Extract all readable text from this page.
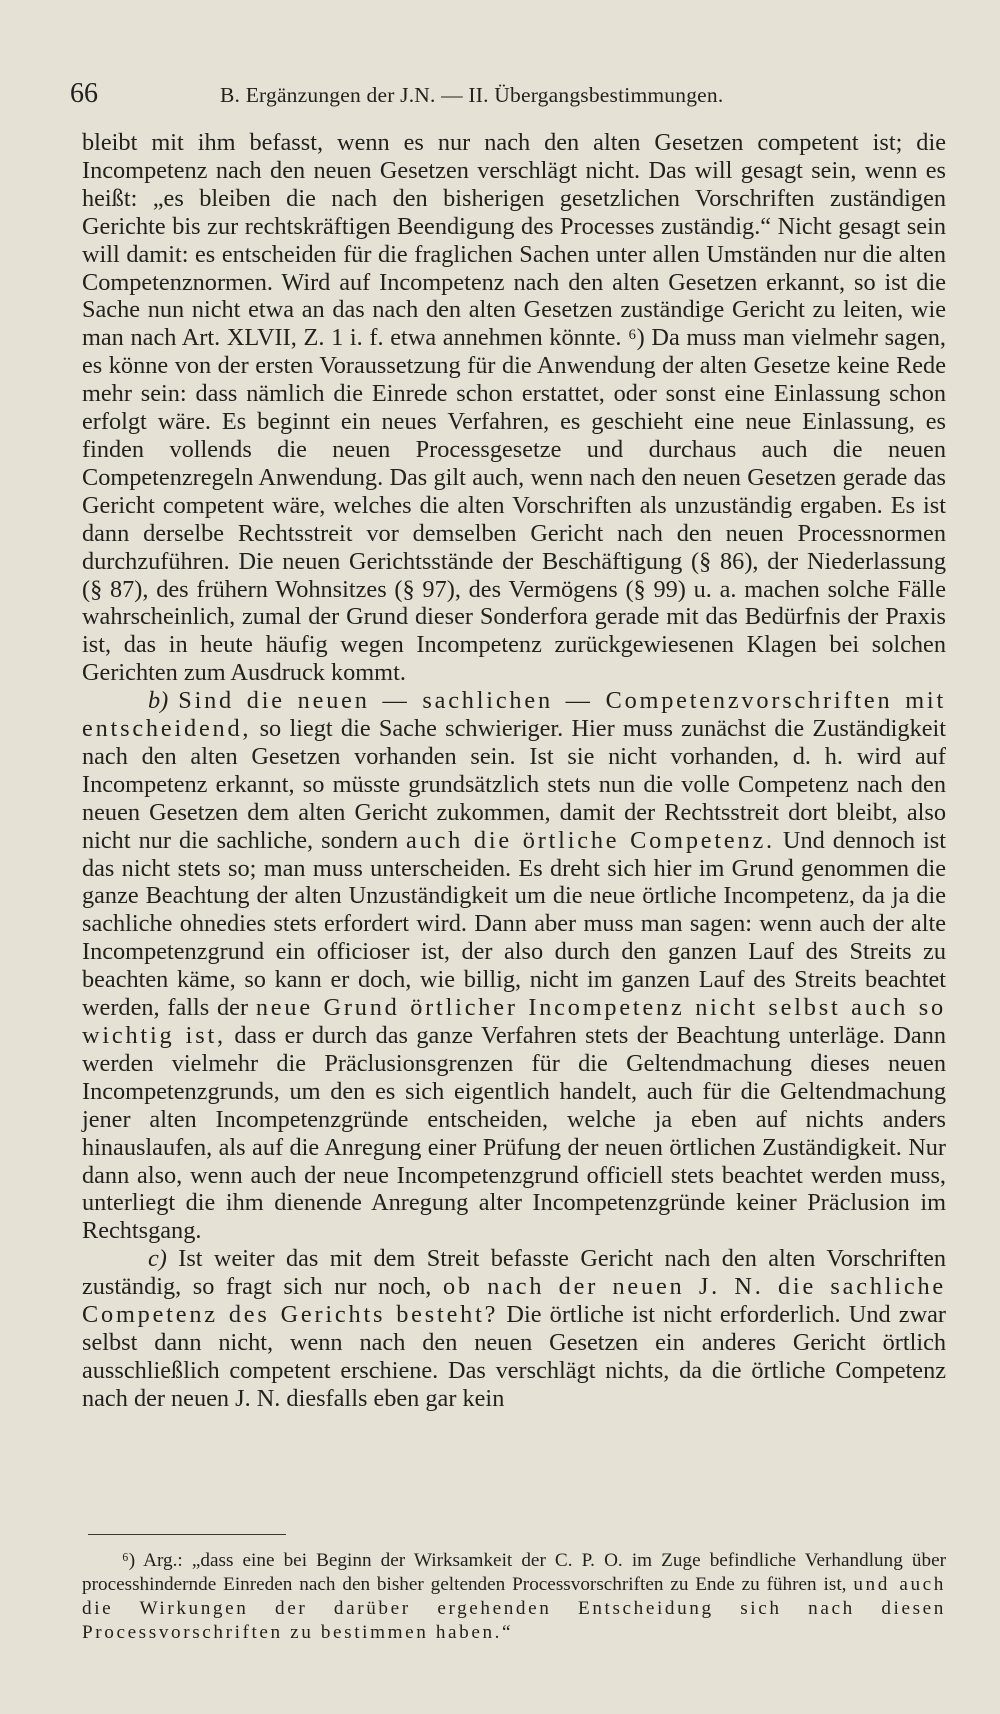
66	B. Ergänzungen der J.N. — II. Übergangsbestimmungen.

bleibt mit ihm befasst, wenn es nur nach den alten Gesetzen competent ist; die Incompetenz nach den neuen Gesetzen verschlägt nicht. Das will gesagt sein, wenn es heißt: „es bleiben die nach den bisherigen gesetzlichen Vorschriften zuständigen Gerichte bis zur rechtskräftigen Beendigung des Processes zuständig.“ Nicht gesagt sein will damit: es entscheiden für die fraglichen Sachen unter allen Umständen nur die alten Competenznormen. Wird auf Incompetenz nach den alten Gesetzen erkannt, so ist die Sache nun nicht etwa an das nach den alten Gesetzen zuständige Gericht zu leiten, wie man nach Art. XLVII, Z. 1 i. f. etwa annehmen könnte. ⁶) Da muss man vielmehr sagen, es könne von der ersten Voraussetzung für die Anwendung der alten Gesetze keine Rede mehr sein: dass nämlich die Einrede schon erstattet, oder sonst eine Einlassung schon erfolgt wäre. Es beginnt ein neues Verfahren, es geschieht eine neue Einlassung, es finden vollends die neuen Processgesetze und durchaus auch die neuen Competenzregeln Anwendung. Das gilt auch, wenn nach den neuen Gesetzen gerade das Gericht competent wäre, welches die alten Vorschriften als unzuständig ergaben. Es ist dann derselbe Rechtsstreit vor demselben Gericht nach den neuen Processnormen durchzuführen. Die neuen Gerichtsstände der Beschäftigung (§ 86), der Niederlassung (§ 87), des frühern Wohnsitzes (§ 97), des Vermögens (§ 99) u. a. machen solche Fälle wahrscheinlich, zumal der Grund dieser Sonderfora gerade mit das Bedürfnis der Praxis ist, das in heute häufig wegen Incompetenz zurückgewiesenen Klagen bei solchen Gerichten zum Ausdruck kommt.

b) Sind die neuen — sachlichen — Competenzvorschriften mit entscheidend, so liegt die Sache schwieriger. Hier muss zunächst die Zuständigkeit nach den alten Gesetzen vorhanden sein. Ist sie nicht vorhanden, d. h. wird auf Incompetenz erkannt, so müsste grundsätzlich stets nun die volle Competenz nach den neuen Gesetzen dem alten Gericht zukommen, damit der Rechtsstreit dort bleibt, also nicht nur die sachliche, sondern auch die örtliche Competenz. Und dennoch ist das nicht stets so; man muss unterscheiden. Es dreht sich hier im Grund genommen die ganze Beachtung der alten Unzuständigkeit um die neue örtliche Incompetenz, da ja die sachliche ohnedies stets erfordert wird. Dann aber muss man sagen: wenn auch der alte Incompetenzgrund ein officioser ist, der also durch den ganzen Lauf des Streits zu beachten käme, so kann er doch, wie billig, nicht im ganzen Lauf des Streits beachtet werden, falls der neue Grund örtlicher Incompetenz nicht selbst auch so wichtig ist, dass er durch das ganze Verfahren stets der Beachtung unterläge. Dann werden vielmehr die Präclusionsgrenzen für die Geltendmachung dieses neuen Incompetenzgrunds, um den es sich eigentlich handelt, auch für die Geltendmachung jener alten Incompetenzgründe entscheiden, welche ja eben auf nichts anders hinauslaufen, als auf die Anregung einer Prüfung der neuen örtlichen Zuständigkeit. Nur dann also, wenn auch der neue Incompetenzgrund officiell stets beachtet werden muss, unterliegt die ihm dienende Anregung alter Incompetenzgründe keiner Präclusion im Rechtsgang.

c) Ist weiter das mit dem Streit befasste Gericht nach den alten Vorschriften zuständig, so fragt sich nur noch, ob nach der neuen J. N. die sachliche Competenz des Gerichts besteht? Die örtliche ist nicht erforderlich. Und zwar selbst dann nicht, wenn nach den neuen Gesetzen ein anderes Gericht örtlich ausschließlich competent erschiene. Das verschlägt nichts, da die örtliche Competenz nach der neuen J. N. diesfalls eben gar kein

⁶) Arg.: „dass eine bei Beginn der Wirksamkeit der C. P. O. im Zuge befindliche Verhandlung über processhindernde Einreden nach den bisher geltenden Processvorschriften zu Ende zu führen ist, und auch die Wirkungen der darüber ergehenden Entscheidung sich nach diesen Processvorschriften zu bestimmen haben.“
